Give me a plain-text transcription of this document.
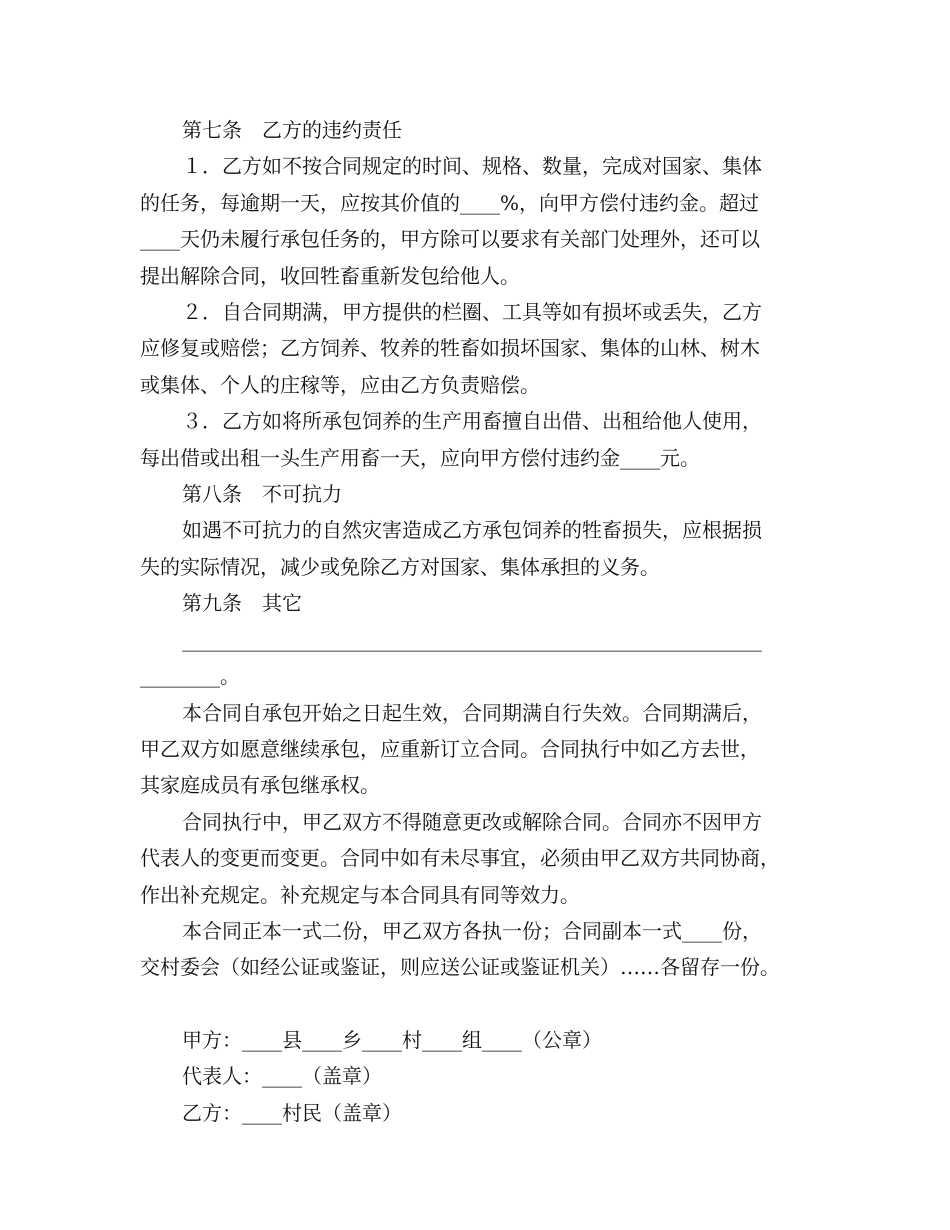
第七条　乙方的违约责任

１．乙方如不按合同规定的时间、规格、数量，完成对国家、集体

的任务，每逾期一天，应按其价值的____%，向甲方偿付违约金。超过

____天仍未履行承包任务的，甲方除可以要求有关部门处理外，还可以

提出解除合同，收回牲畜重新发包给他人。

２．自合同期满，甲方提供的栏圈、工具等如有损坏或丢失，乙方

应修复或赔偿；乙方饲养、牧养的牲畜如损坏国家、集体的山林、树木

或集体、个人的庄稼等，应由乙方负责赔偿。

３．乙方如将所承包饲养的生产用畜擅自出借、出租给他人使用，

每出借或出租一头生产用畜一天，应向甲方偿付违约金____元。

第八条　不可抗力

如遇不可抗力的自然灾害造成乙方承包饲养的牲畜损失，应根据损

失的实际情况，减少或免除乙方对国家、集体承担的义务。

第九条　其它

__________________________________________________________

________。

本合同自承包开始之日起生效，合同期满自行失效。合同期满后，

甲乙双方如愿意继续承包，应重新订立合同。合同执行中如乙方去世，

其家庭成员有承包继承权。

合同执行中，甲乙双方不得随意更改或解除合同。合同亦不因甲方

代表人的变更而变更。合同中如有未尽事宜，必须由甲乙双方共同协商，

作出补充规定。补充规定与本合同具有同等效力。

本合同正本一式二份，甲乙双方各执一份；合同副本一式____份，

交村委会（如经公证或鉴证，则应送公证或鉴证机关）……各留存一份。

甲方：____县____乡____村____组____（公章）

代表人：____（盖章）

乙方：____村民（盖章）
